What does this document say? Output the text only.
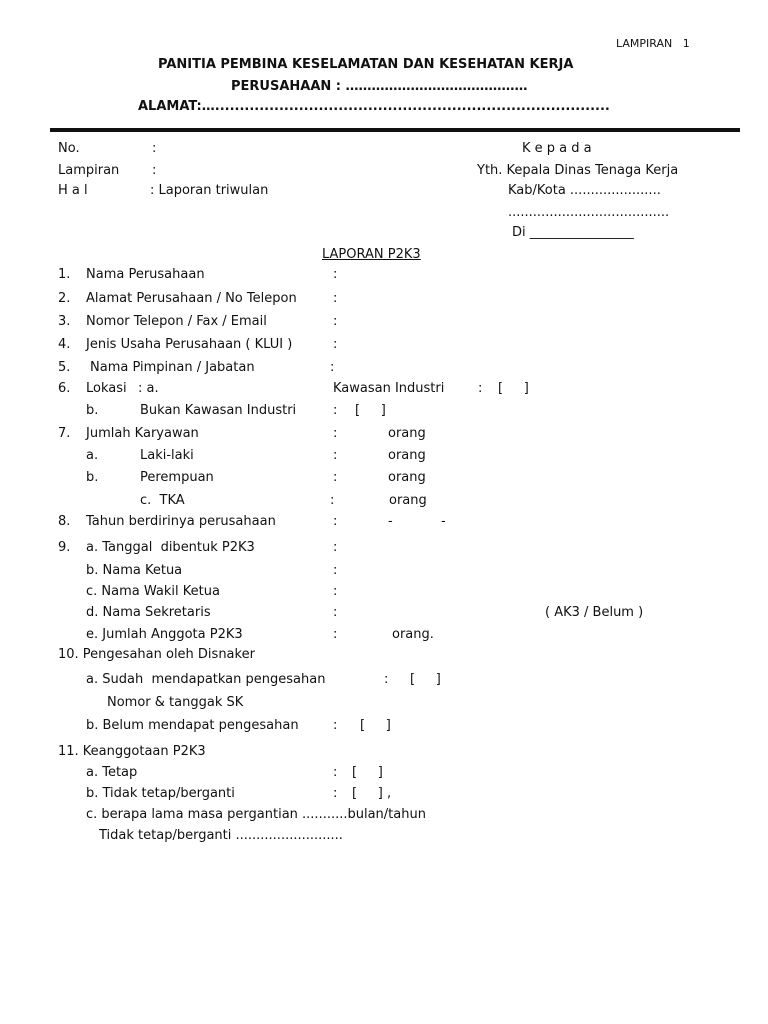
LAMPIRAN   1
PANITIA PEMBINA KESELAMATAN DAN KESEHATAN KERJA
PERUSAHAAN : ……………………………………
ALAMAT:…................................................................................
No.	:	K e p a d a
Lampiran	:	Yth. Kepala Dinas Tenaga Kerja
H a l	: Laporan triwulan	Kab/Kota ......................
.......................................
Di ________________
LAPORAN P2K3
1. Nama Perusahaan	:
2. Alamat Perusahaan / No Telepon	:
3. Nomor Telepon / Fax / Email	:
4. Jenis Usaha Perusahaan ( KLUI )	:
5. Nama Pimpinan / Jabatan	:
6. Lokasi : a.	Kawasan Industri	: [     ]
b.	Bukan Kawasan Industri	: [     ]
7. Jumlah Karyawan	:	orang
a.	Laki-laki	:	orang
b.	Perempuan	:	orang
c.  TKA	:	orang
8. Tahun berdirinya perusahaan	:	-	-
9. a. Tanggal  dibentuk P2K3	:
b. Nama Ketua	:
c. Nama Wakil Ketua	:
d. Nama Sekretaris	:	( AK3 / Belum )
e. Jumlah Anggota P2K3	:	orang.
10. Pengesahan oleh Disnaker
a. Sudah  mendapatkan pengesahan	: [     ]
Nomor & tanggak SK
b. Belum mendapat pengesahan	: [     ]
11. Keanggotaan P2K3
a. Tetap	: [     ]
b. Tidak tetap/berganti	: [     ] ,
c. berapa lama masa pergantian ...........bulan/tahun
Tidak tetap/berganti ..........................
